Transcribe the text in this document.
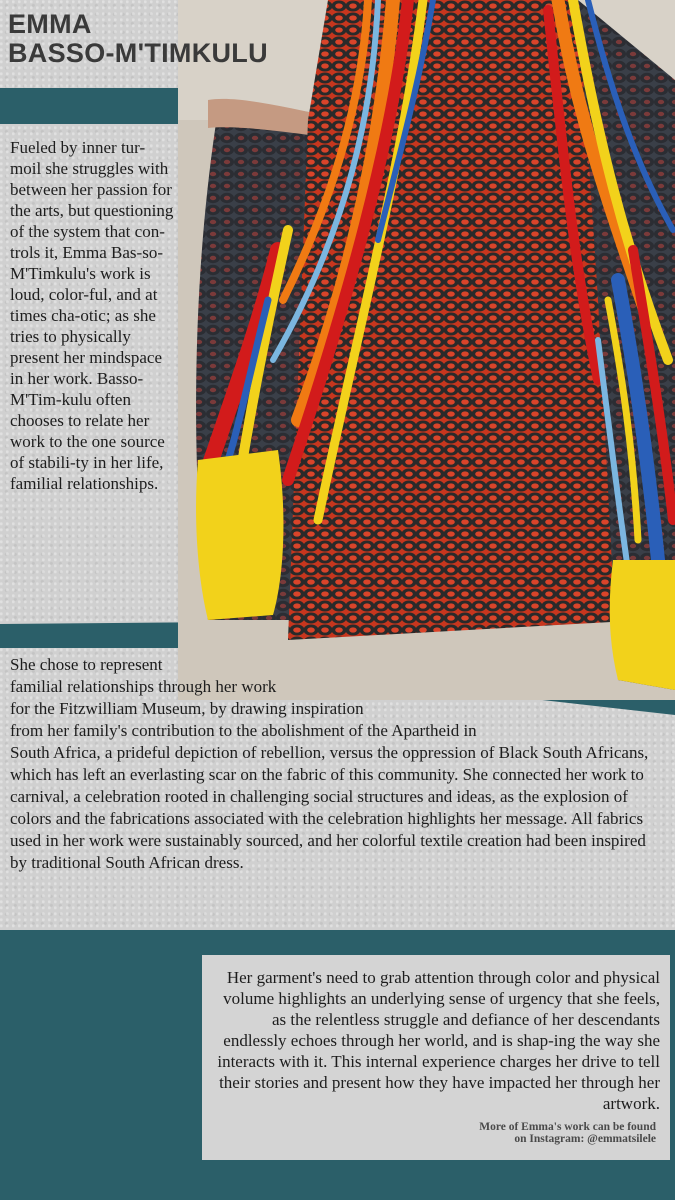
EMMA
BASSO-M'TIMKULU

Fueled by inner tur-moil she struggles with between her passion for the arts, but questioning of the system that con-trols it, Emma Bas-so-M'Timkulu's work is loud, color-ful, and at times cha-otic; as she tries to physically present her mindspace in her work. Basso-M'Tim-kulu often chooses to relate her work to the one source of stabili-ty in her life, familial relationships.

She chose to represent
familial relationships through her work
for the Fitzwilliam Museum, by drawing inspiration
from her family's contribution to the abolishment of the Apartheid in
South Africa, a prideful depiction of rebellion, versus the oppression of Black South Africans, which has left an everlasting scar on the fabric of this community. She connected her work to carnival, a celebration rooted in challenging social structures and ideas, as the explosion of colors and the fabrications associated with the celebration highlights her message. All fabrics used in her work were sustainably sourced, and her colorful textile creation had been inspired by traditional South African dress.

Her garment's need to grab attention through color and physical volume highlights an underlying sense of urgency that she feels, as the relentless struggle and defiance of her descendants endlessly echoes through her world, and is shap-ing the way she interacts with it. This internal experience charges her drive to tell their stories and present how they have impacted her through her artwork.

More of Emma's work can be found
on Instagram: @emmatsilele
